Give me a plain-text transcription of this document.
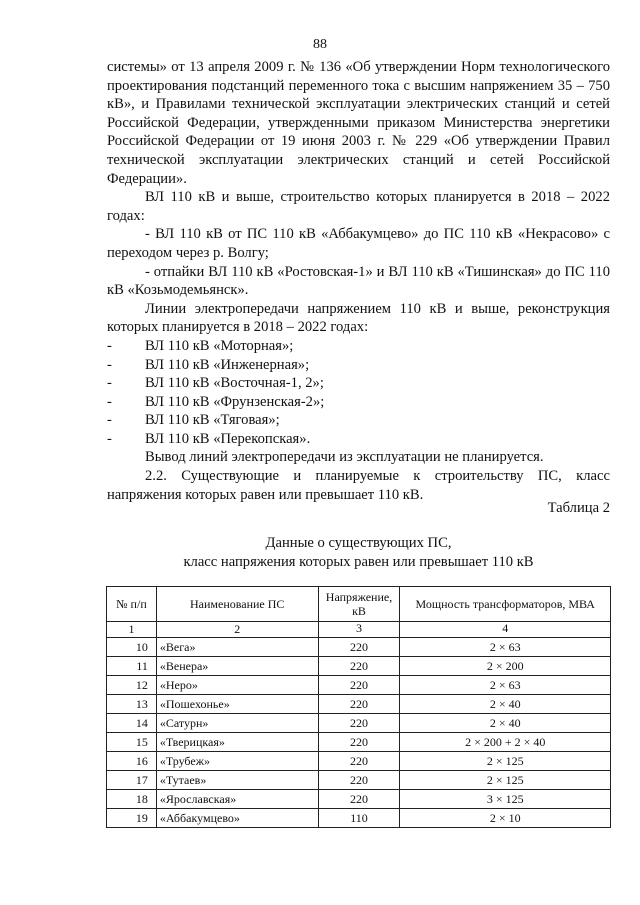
88

системы» от 13 апреля 2009 г. № 136 «Об утверждении Норм технологического проектирования подстанций переменного тока с высшим напряжением 35 – 750 кВ», и Правилами технической эксплуатации электрических станций и сетей Российской Федерации, утвержденными приказом Министерства энергетики Российской Федерации от 19 июня 2003 г. № 229 «Об утверждении Правил технической эксплуатации электрических станций и сетей Российской Федерации».

ВЛ 110 кВ и выше, строительство которых планируется в 2018 – 2022 годах:

- ВЛ 110 кВ от ПС 110 кВ «Аббакумцево» до ПС 110 кВ «Некрасово» с переходом через р. Волгу;

- отпайки ВЛ 110 кВ «Ростовская-1» и ВЛ 110 кВ «Тишинская» до ПС 110 кВ «Козьмодемьянск».

Линии электропередачи напряжением 110 кВ и выше, реконструкция которых планируется в 2018 – 2022 годах:

- ВЛ 110 кВ «Моторная»;

- ВЛ 110 кВ «Инженерная»;

- ВЛ 110 кВ «Восточная-1, 2»;

- ВЛ 110 кВ «Фрунзенская-2»;

- ВЛ 110 кВ «Тяговая»;

- ВЛ 110 кВ «Перекопская».

Вывод линий электропередачи из эксплуатации не планируется.

2.2. Существующие и планируемые к строительству ПС, класс напряжения которых равен или превышает 110 кВ.

Таблица 2
Данные о существующих ПС,
класс напряжения которых равен или превышает 110 кВ
№ п/п	Наименование ПС	Напряжение, кВ	Мощность трансформаторов, МВА
1	2	3	4
10	«Вега»	220	2 × 63
11	«Венера»	220	2 × 200
12	«Неро»	220	2 × 63
13	«Пошехонье»	220	2 × 40
14	«Сатурн»	220	2 × 40
15	«Тверицкая»	220	2 × 200 + 2 × 40
16	«Трубеж»	220	2 × 125
17	«Тутаев»	220	2 × 125
18	«Ярославская»	220	3 × 125
19	«Аббакумцево»	110	2 × 10
